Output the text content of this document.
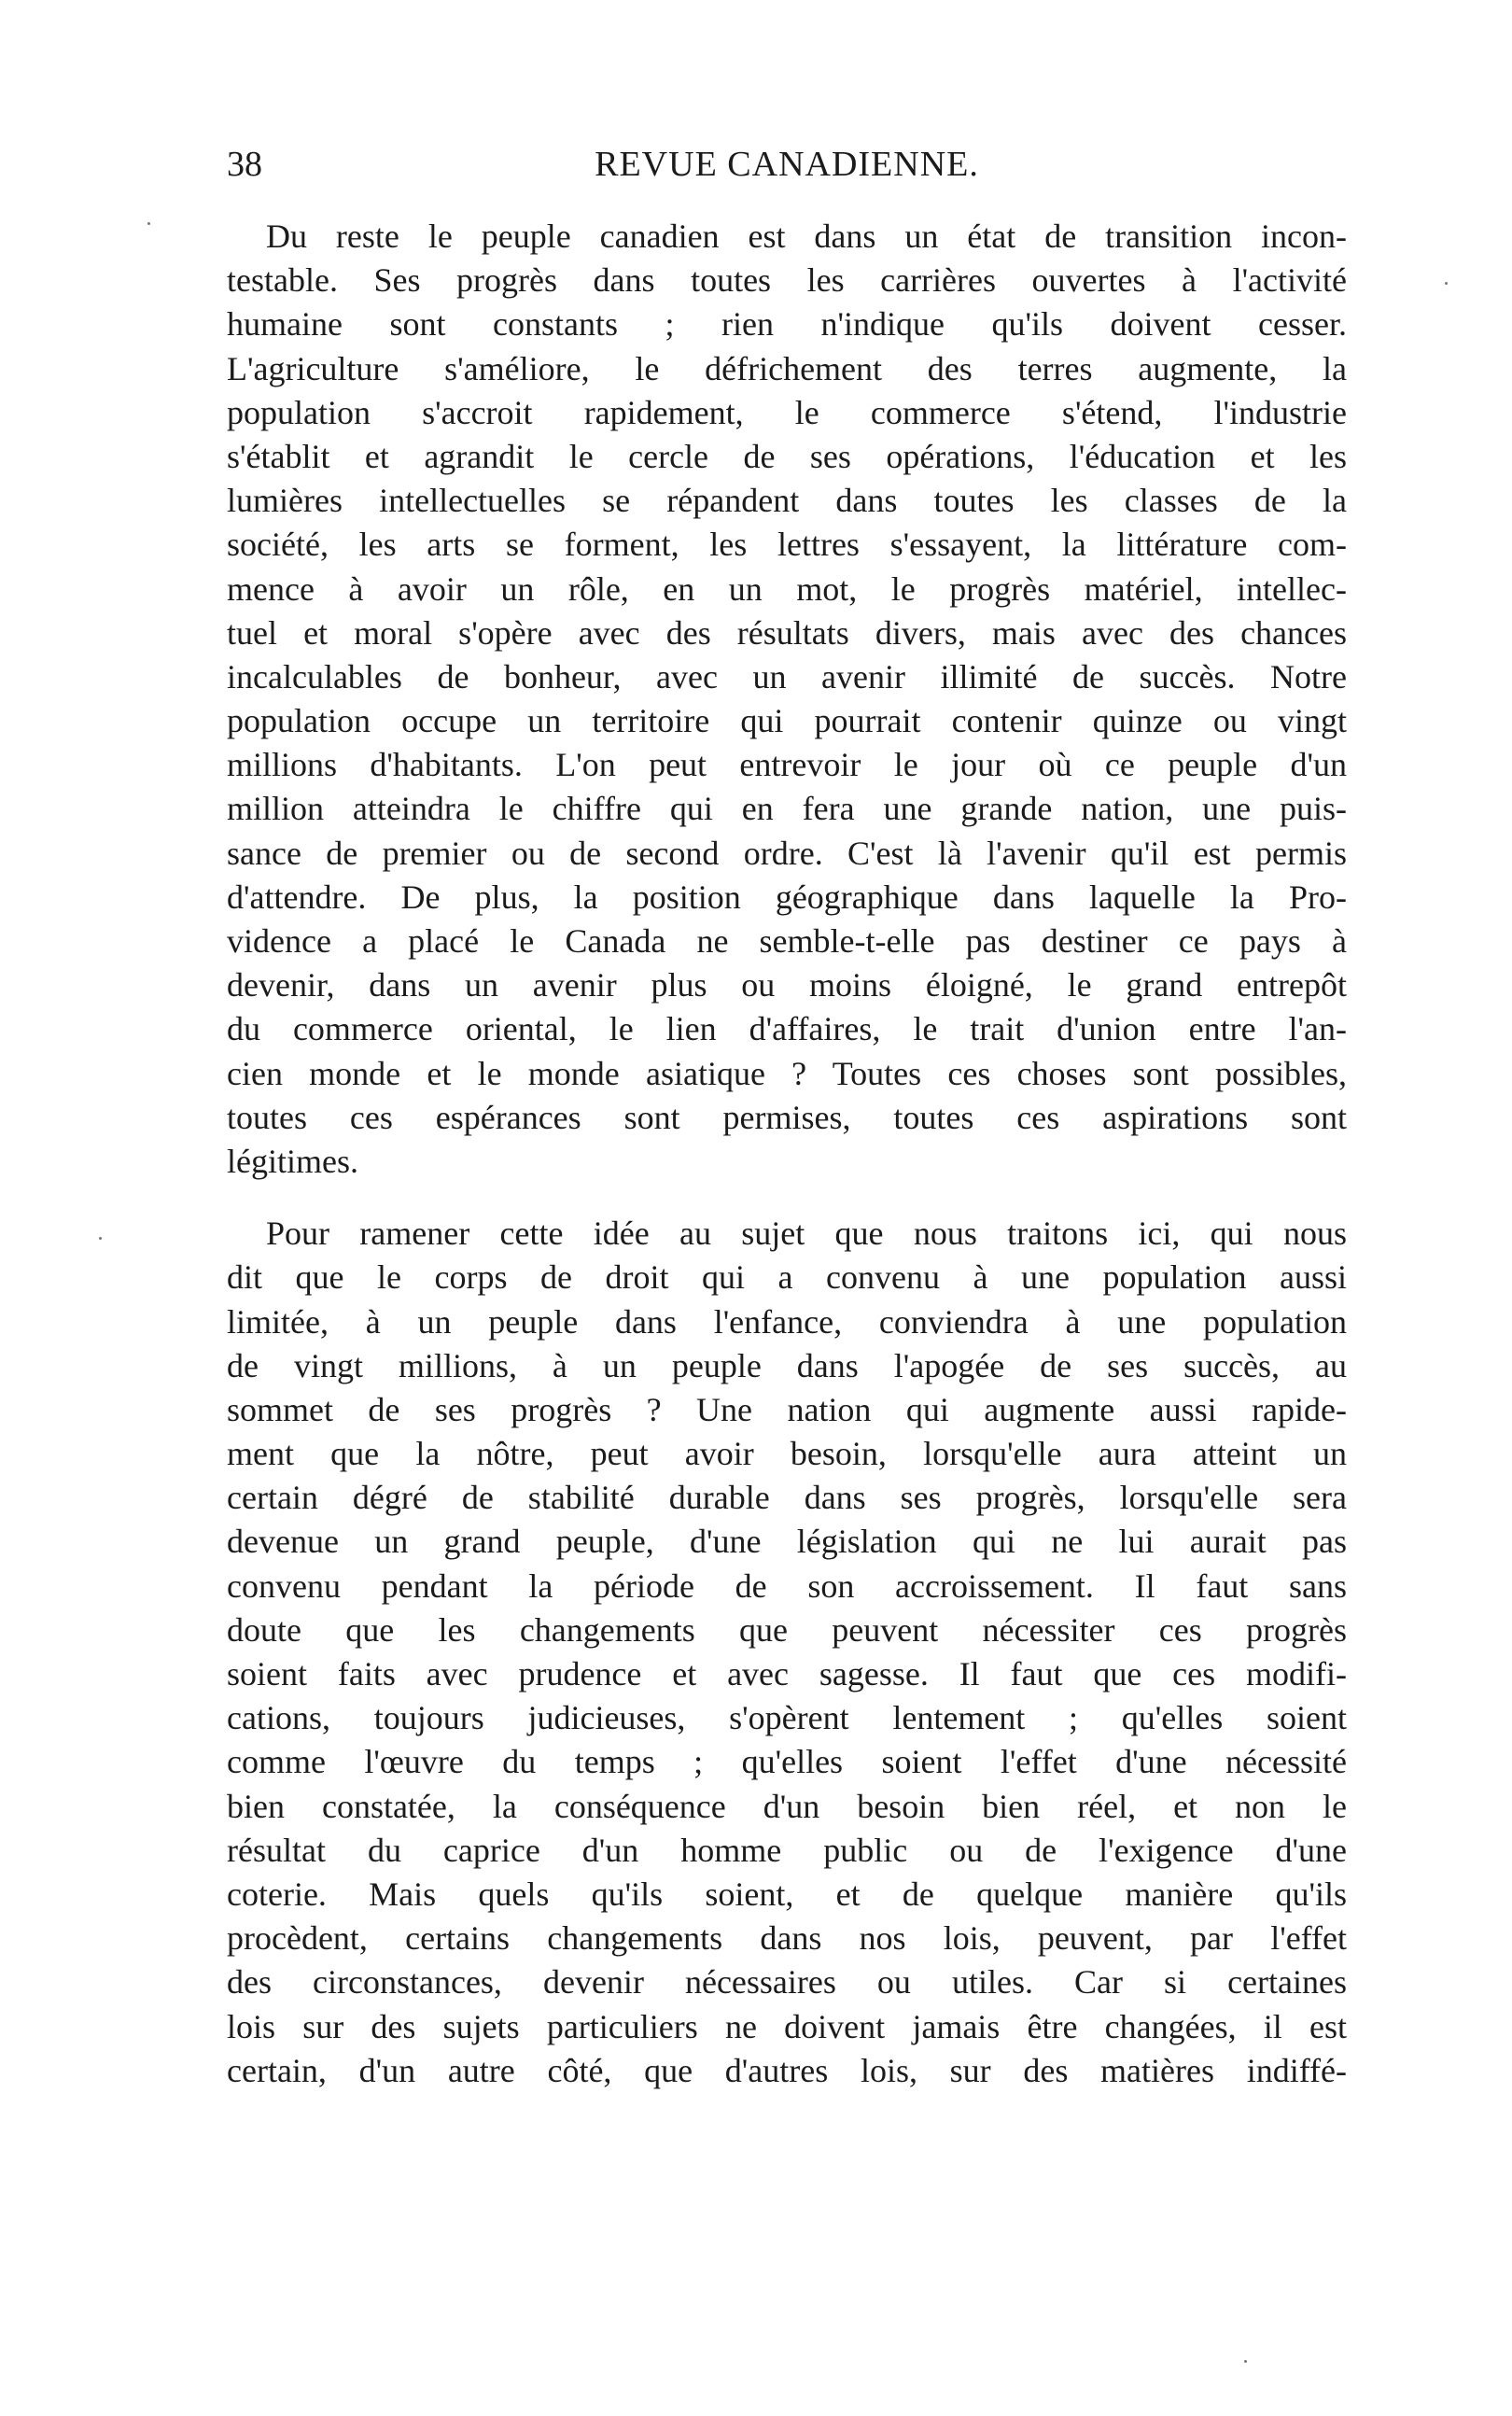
38	REVUE CANADIENNE.

Du reste le peuple canadien est dans un état de transition incon-
testable. Ses progrès dans toutes les carrières ouvertes à l'activité
humaine sont constants ; rien n'indique qu'ils doivent cesser.
L'agriculture s'améliore, le défrichement des terres augmente, la
population s'accroit rapidement, le commerce s'étend, l'industrie
s'établit et agrandit le cercle de ses opérations, l'éducation et les
lumières intellectuelles se répandent dans toutes les classes de la
société, les arts se forment, les lettres s'essayent, la littérature com-
mence à avoir un rôle, en un mot, le progrès matériel, intellec-
tuel et moral s'opère avec des résultats divers, mais avec des chances
incalculables de bonheur, avec un avenir illimité de succès. Notre
population occupe un territoire qui pourrait contenir quinze ou vingt
millions d'habitants. L'on peut entrevoir le jour où ce peuple d'un
million atteindra le chiffre qui en fera une grande nation, une puis-
sance de premier ou de second ordre. C'est là l'avenir qu'il est permis
d'attendre. De plus, la position géographique dans laquelle la Pro-
vidence a placé le Canada ne semble-t-elle pas destiner ce pays à
devenir, dans un avenir plus ou moins éloigné, le grand entrepôt
du commerce oriental, le lien d'affaires, le trait d'union entre l'an-
cien monde et le monde asiatique ? Toutes ces choses sont possibles,
toutes ces espérances sont permises, toutes ces aspirations sont
légitimes.

Pour ramener cette idée au sujet que nous traitons ici, qui nous
dit que le corps de droit qui a convenu à une population aussi
limitée, à un peuple dans l'enfance, conviendra à une population
de vingt millions, à un peuple dans l'apogée de ses succès, au
sommet de ses progrès ? Une nation qui augmente aussi rapide-
ment que la nôtre, peut avoir besoin, lorsqu'elle aura atteint un
certain dégré de stabilité durable dans ses progrès, lorsqu'elle sera
devenue un grand peuple, d'une législation qui ne lui aurait pas
convenu pendant la période de son accroissement. Il faut sans
doute que les changements que peuvent nécessiter ces progrès
soient faits avec prudence et avec sagesse. Il faut que ces modifi-
cations, toujours judicieuses, s'opèrent lentement ; qu'elles soient
comme l'œuvre du temps ; qu'elles soient l'effet d'une nécessité
bien constatée, la conséquence d'un besoin bien réel, et non le
résultat du caprice d'un homme public ou de l'exigence d'une
coterie. Mais quels qu'ils soient, et de quelque manière qu'ils
procèdent, certains changements dans nos lois, peuvent, par l'effet
des circonstances, devenir nécessaires ou utiles. Car si certaines
lois sur des sujets particuliers ne doivent jamais être changées, il est
certain, d'un autre côté, que d'autres lois, sur des matières indiffé-
